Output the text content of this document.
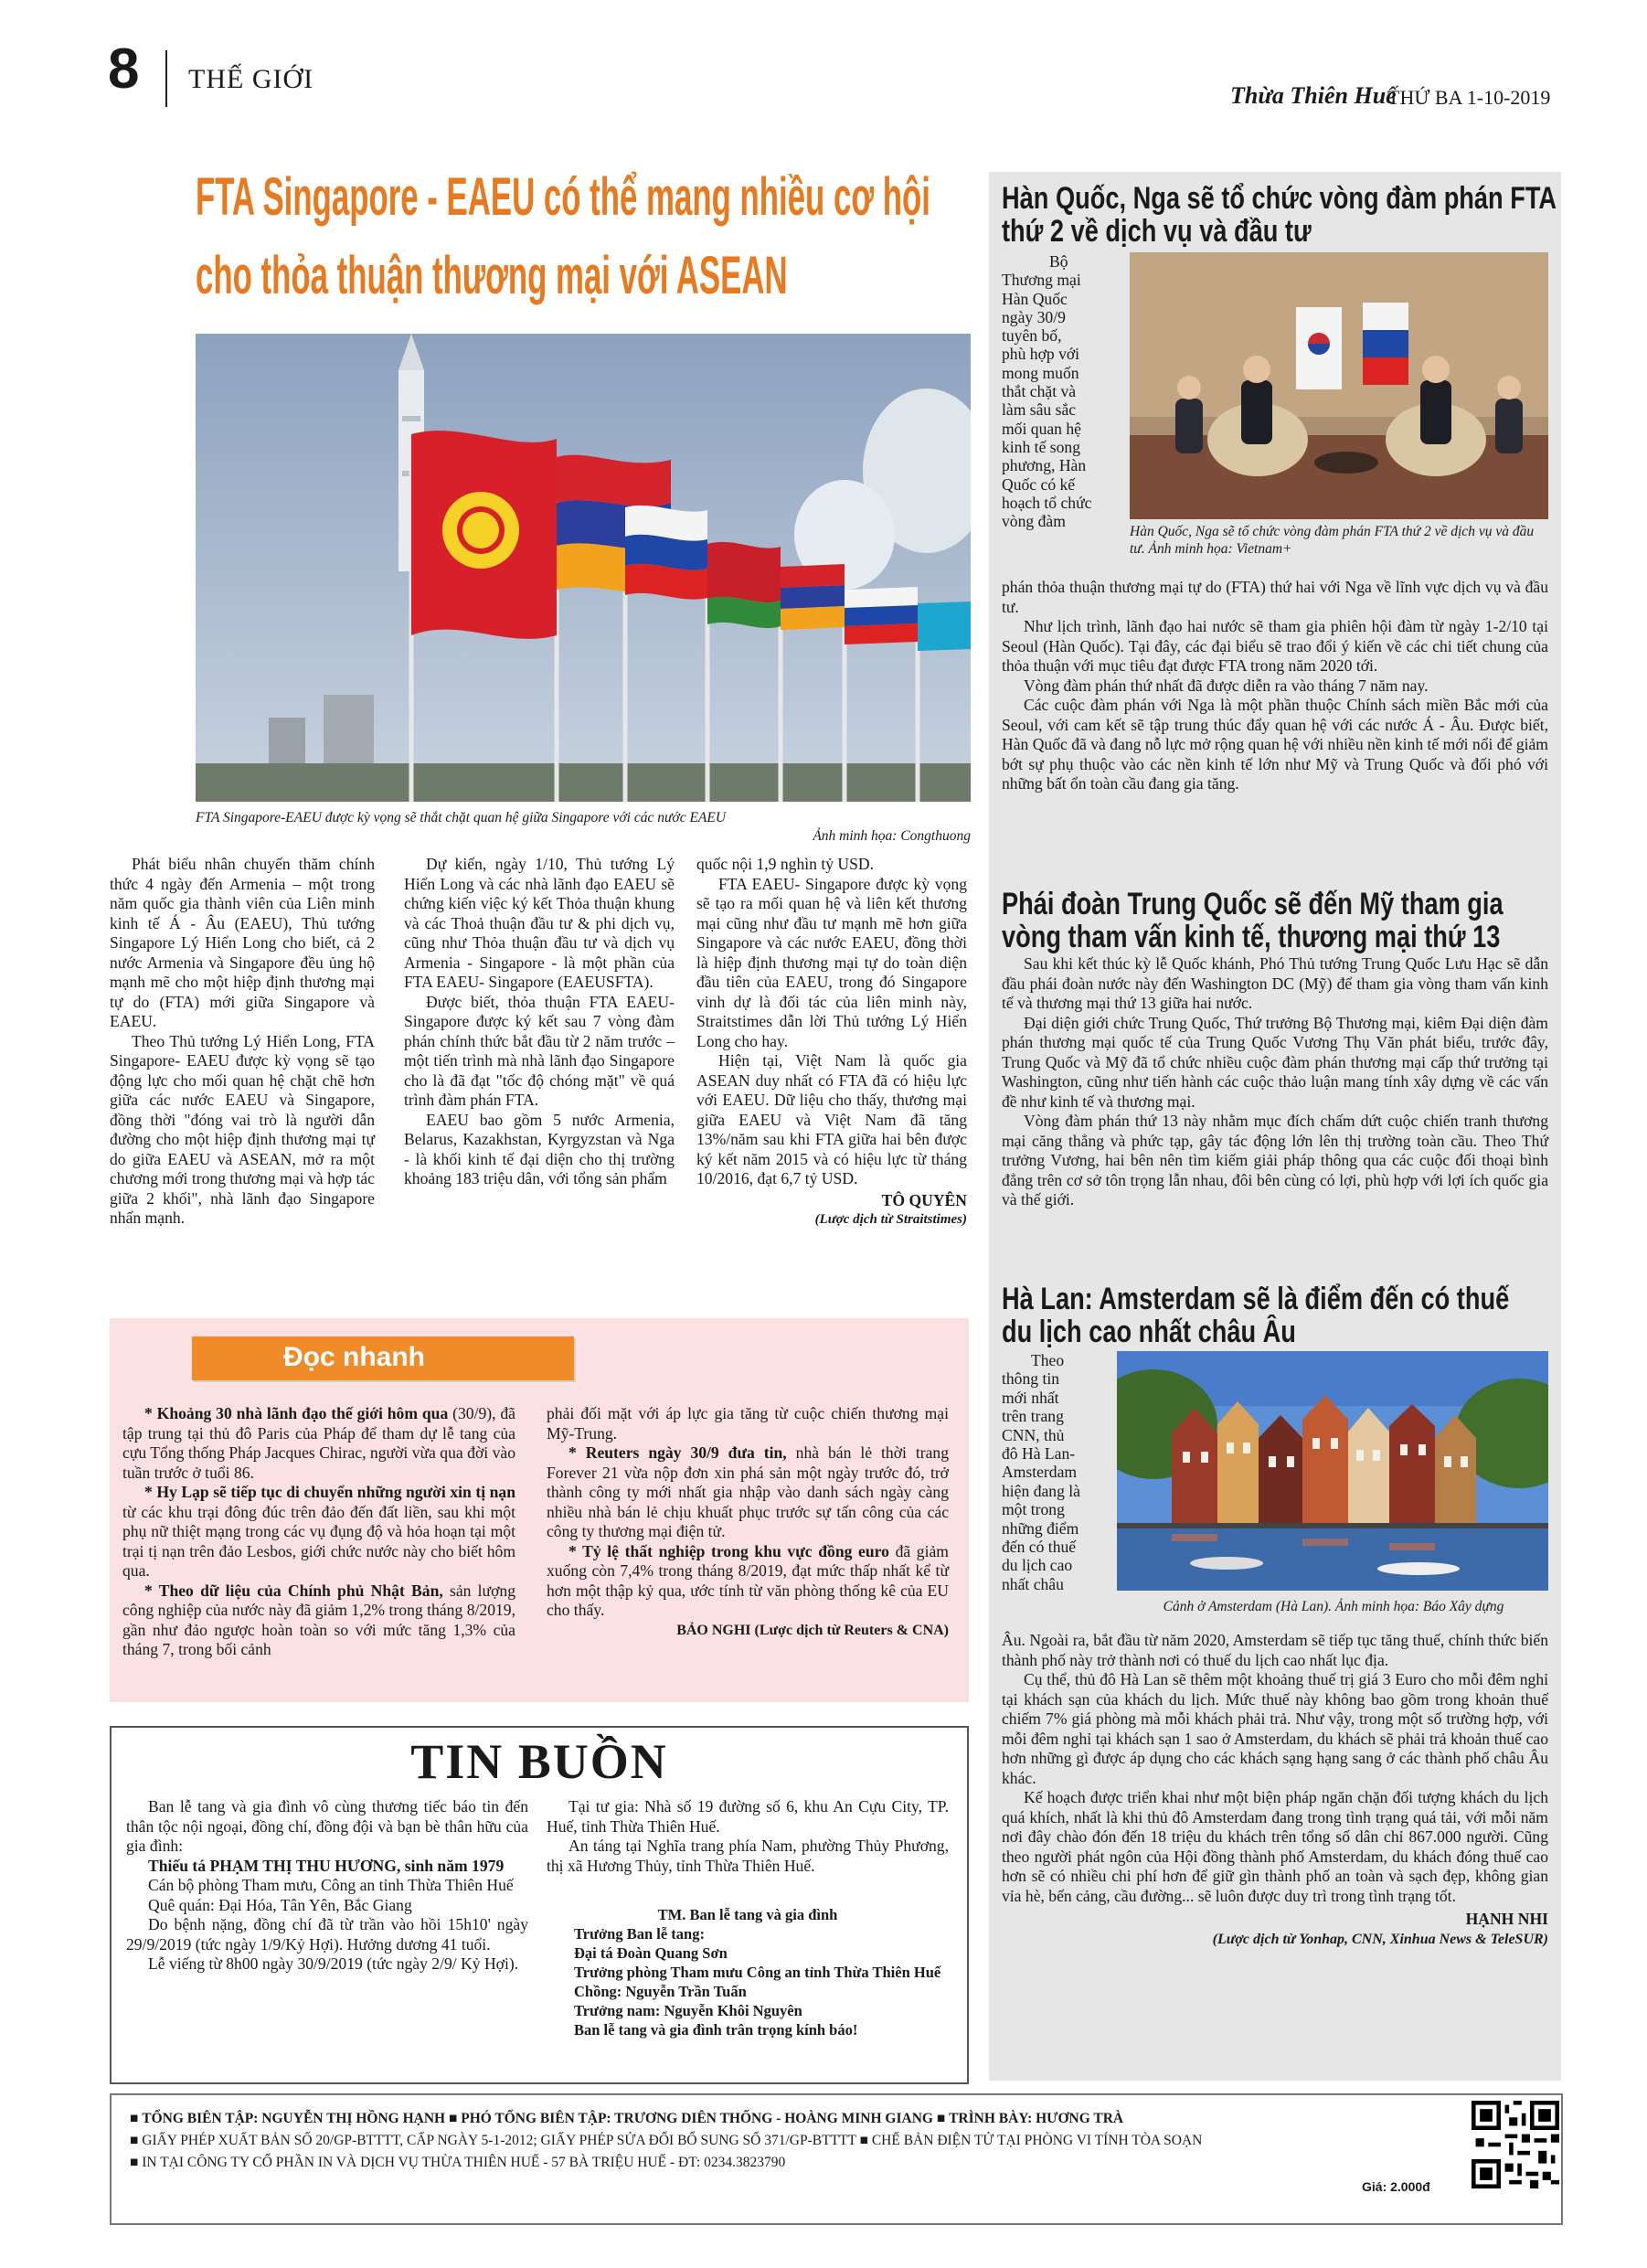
8 THẾ GIỚI
Thừa Thiên Huế
THỨ BA 1-10-2019
FTA Singapore - EAEU có thể mang nhiều cơ hội
cho thỏa thuận thương mại với ASEAN
FTA Singapore-EAEU được kỳ vọng sẽ thắt chặt quan hệ giữa Singapore với các nước EAEU
Ảnh minh họa: Congthuong

Phát biểu nhân chuyến thăm chính thức 4 ngày đến Armenia – một trong năm quốc gia thành viên của Liên minh kinh tế Á - Âu (EAEU), Thủ tướng Singapore Lý Hiển Long cho biết, cả 2 nước Armenia và Singapore đều ủng hộ mạnh mẽ cho một hiệp định thương mại tự do (FTA) mới giữa Singapore và EAEU.

Theo Thủ tướng Lý Hiển Long, FTA Singapore- EAEU được kỳ vọng sẽ tạo động lực cho mối quan hệ chặt chẽ hơn giữa các nước EAEU và Singapore, đồng thời "đóng vai trò là người dẫn đường cho một hiệp định thương mại tự do giữa EAEU và ASEAN, mở ra một chương mới trong thương mại và hợp tác giữa 2 khối", nhà lãnh đạo Singapore nhấn mạnh.

Dự kiến, ngày 1/10, Thủ tướng Lý Hiển Long và các nhà lãnh đạo EAEU sẽ chứng kiến việc ký kết Thỏa thuận khung và các Thoả thuận đầu tư & phi dịch vụ, cũng như Thỏa thuận đầu tư và dịch vụ Armenia - Singapore - là một phần của FTA EAEU- Singapore (EAEUSFTA).

Được biết, thỏa thuận FTA EAEU-Singapore được ký kết sau 7 vòng đàm phán chính thức bắt đầu từ 2 năm trước – một tiến trình mà nhà lãnh đạo Singapore cho là đã đạt "tốc độ chóng mặt" về quá trình đàm phán FTA.

EAEU bao gồm 5 nước Armenia, Belarus, Kazakhstan, Kyrgyzstan và Nga - là khối kinh tế đại diện cho thị trường khoảng 183 triệu dân, với tổng sản phẩm

quốc nội 1,9 nghìn tỷ USD.

FTA EAEU- Singapore được kỳ vọng sẽ tạo ra mối quan hệ và liên kết thương mại cũng như đầu tư mạnh mẽ hơn giữa Singapore và các nước EAEU, đồng thời là hiệp định thương mại tự do toàn diện đầu tiên của EAEU, trong đó Singapore vinh dự là đối tác của liên minh này, Straitstimes dẫn lời Thủ tướng Lý Hiển Long cho hay.

Hiện tại, Việt Nam là quốc gia ASEAN duy nhất có FTA đã có hiệu lực với EAEU. Dữ liệu cho thấy, thương mại giữa EAEU và Việt Nam đã tăng 13%/năm sau khi FTA giữa hai bên được ký kết năm 2015 và có hiệu lực từ tháng 10/2016, đạt 6,7 tỷ USD.

TÔ QUYÊN
(Lược dịch từ Straitstimes)
Đọc nhanh

* Khoảng 30 nhà lãnh đạo thế giới hôm qua (30/9), đã tập trung tại thủ đô Paris của Pháp để tham dự lễ tang của cựu Tổng thống Pháp Jacques Chirac, người vừa qua đời vào tuần trước ở tuổi 86.

* Hy Lạp sẽ tiếp tục di chuyển những người xin tị nạn từ các khu trại đông đúc trên đảo đến đất liền, sau khi một phụ nữ thiệt mạng trong các vụ đụng độ và hỏa hoạn tại một trại tị nạn trên đảo Lesbos, giới chức nước này cho biết hôm qua.

* Theo dữ liệu của Chính phủ Nhật Bản, sản lượng công nghiệp của nước này đã giảm 1,2% trong tháng 8/2019, gần như đảo ngược hoàn toàn so với mức tăng 1,3% của tháng 7, trong bối cảnh

phải đối mặt với áp lực gia tăng từ cuộc chiến thương mại Mỹ-Trung.

* Reuters ngày 30/9 đưa tin, nhà bán lẻ thời trang Forever 21 vừa nộp đơn xin phá sản một ngày trước đó, trở thành công ty mới nhất gia nhập vào danh sách ngày càng nhiều nhà bán lẻ chịu khuất phục trước sự tấn công của các công ty thương mại điện tử.

* Tỷ lệ thất nghiệp trong khu vực đồng euro đã giảm xuống còn 7,4% trong tháng 8/2019, đạt mức thấp nhất kể từ hơn một thập kỷ qua, ước tính từ văn phòng thống kê của EU cho thấy.

BẢO NGHI (Lược dịch từ Reuters & CNA)
TIN BUỒN

Ban lễ tang và gia đình vô cùng thương tiếc báo tin đến thân tộc nội ngoại, đồng chí, đồng đội và bạn bè thân hữu của gia đình:

Thiếu tá PHẠM THỊ THU HƯƠNG, sinh năm 1979

Cán bộ phòng Tham mưu, Công an tỉnh Thừa Thiên Huế

Quê quán: Đại Hóa, Tân Yên, Bắc Giang

Do bệnh nặng, đồng chí đã từ trần vào hồi 15h10' ngày 29/9/2019 (tức ngày 1/9/Kỷ Hợi). Hưởng dương 41 tuổi.

Lễ viếng từ 8h00 ngày 30/9/2019 (tức ngày 2/9/ Kỷ Hợi).

Tại tư gia: Nhà số 19 đường số 6, khu An Cựu City, TP. Huế, tỉnh Thừa Thiên Huế.

An táng tại Nghĩa trang phía Nam, phường Thủy Phương, thị xã Hương Thủy, tỉnh Thừa Thiên Huế.

TM. Ban lễ tang và gia đình
Trưởng Ban lễ tang:
Đại tá Đoàn Quang Sơn
Trưởng phòng Tham mưu Công an tỉnh Thừa Thiên Huế
Chồng: Nguyễn Trần Tuấn
Trưởng nam: Nguyễn Khôi Nguyên
Ban lễ tang và gia đình trân trọng kính báo!
Hàn Quốc, Nga sẽ tổ chức vòng đàm phán FTA
thứ 2 về dịch vụ và đầu tư
Bộ
Thương mại
Hàn Quốc
ngày 30/9
tuyên bố,
phù hợp với
mong muốn
thắt chặt và
làm sâu sắc
mối quan hệ
kinh tế song
phương, Hàn
Quốc có kế
hoạch tổ chức
vòng đàm
Hàn Quốc, Nga sẽ tổ chức vòng đàm phán FTA thứ 2 về dịch vụ và đầu tư. Ảnh minh họa: Vietnam+

phán thỏa thuận thương mại tự do (FTA) thứ hai với Nga về lĩnh vực dịch vụ và đầu tư.

Như lịch trình, lãnh đạo hai nước sẽ tham gia phiên hội đàm từ ngày 1-2/10 tại Seoul (Hàn Quốc). Tại đây, các đại biểu sẽ trao đổi ý kiến về các chi tiết chung của thỏa thuận với mục tiêu đạt được FTA trong năm 2020 tới.

Vòng đàm phán thứ nhất đã được diễn ra vào tháng 7 năm nay.

Các cuộc đàm phán với Nga là một phần thuộc Chính sách miền Bắc mới của Seoul, với cam kết sẽ tập trung thúc đẩy quan hệ với các nước Á - Âu. Được biết, Hàn Quốc đã và đang nỗ lực mở rộng quan hệ với nhiều nền kinh tế mới nổi để giảm bớt sự phụ thuộc vào các nền kinh tế lớn như Mỹ và Trung Quốc và đối phó với những bất ổn toàn cầu đang gia tăng.

Phái đoàn Trung Quốc sẽ đến Mỹ tham gia
vòng tham vấn kinh tế, thương mại thứ 13

Sau khi kết thúc kỳ lễ Quốc khánh, Phó Thủ tướng Trung Quốc Lưu Hạc sẽ dẫn đầu phái đoàn nước này đến Washington DC (Mỹ) để tham gia vòng tham vấn kinh tế và thương mại thứ 13 giữa hai nước.

Đại diện giới chức Trung Quốc, Thứ trưởng Bộ Thương mại, kiêm Đại diện đàm phán thương mại quốc tế của Trung Quốc Vương Thụ Văn phát biểu, trước đây, Trung Quốc và Mỹ đã tổ chức nhiều cuộc đàm phán thương mại cấp thứ trưởng tại Washington, cũng như tiến hành các cuộc thảo luận mang tính xây dựng về các vấn đề như kinh tế và thương mại.

Vòng đàm phán thứ 13 này nhằm mục đích chấm dứt cuộc chiến tranh thương mại căng thẳng và phức tạp, gây tác động lớn lên thị trường toàn cầu. Theo Thứ trưởng Vương, hai bên nên tìm kiếm giải pháp thông qua các cuộc đối thoại bình đẳng trên cơ sở tôn trọng lẫn nhau, đôi bên cùng có lợi, phù hợp với lợi ích quốc gia và thế giới.

Hà Lan: Amsterdam sẽ là điểm đến có thuế
du lịch cao nhất châu Âu
Theo
thông tin
mới nhất
trên trang
CNN, thủ
đô Hà Lan-
Amsterdam
hiện đang là
một trong
những điểm
đến có thuế
du lịch cao
nhất châu
Cảnh ở Amsterdam (Hà Lan). Ảnh minh họa: Báo Xây dựng

Âu. Ngoài ra, bắt đầu từ năm 2020, Amsterdam sẽ tiếp tục tăng thuế, chính thức biến thành phố này trở thành nơi có thuế du lịch cao nhất lục địa.

Cụ thể, thủ đô Hà Lan sẽ thêm một khoảng thuế trị giá 3 Euro cho mỗi đêm nghỉ tại khách sạn của khách du lịch. Mức thuế này không bao gồm trong khoản thuế chiếm 7% giá phòng mà mỗi khách phải trả. Như vậy, trong một số trường hợp, với mỗi đêm nghỉ tại khách sạn 1 sao ở Amsterdam, du khách sẽ phải trả khoản thuế cao hơn những gì được áp dụng cho các khách sạng hạng sang ở các thành phố châu Âu khác.

Kế hoạch được triển khai như một biện pháp ngăn chặn đối tượng khách du lịch quá khích, nhất là khi thủ đô Amsterdam đang trong tình trạng quá tải, với mỗi năm nơi đây chào đón đến 18 triệu du khách trên tổng số dân chỉ 867.000 người. Cũng theo người phát ngôn của Hội đồng thành phố Amsterdam, du khách đóng thuế cao hơn sẽ có nhiều chi phí hơn để giữ gìn thành phố an toàn và sạch đẹp, không gian vỉa hè, bến cảng, cầu đường... sẽ luôn được duy trì trong tình trạng tốt.

HẠNH NHI
(Lược dịch từ Yonhap, CNN, Xinhua News & TeleSUR)
■ TỔNG BIÊN TẬP: NGUYỄN THỊ HỒNG HẠNH ■ PHÓ TỔNG BIÊN TẬP: TRƯƠNG DIÊN THỐNG - HOÀNG MINH GIANG ■ TRÌNH BÀY: HƯƠNG TRÀ
■ GIẤY PHÉP XUẤT BẢN SỐ 20/GP-BTTTT, CẤP NGÀY 5-1-2012; GIẤY PHÉP SỬA ĐỔI BỔ SUNG SỐ 371/GP-BTTTT ■ CHẾ BẢN ĐIỆN TỬ TẠI PHÒNG VI TÍNH TÒA SOẠN
■ IN TẠI CÔNG TY CỔ PHẦN IN VÀ DỊCH VỤ THỪA THIÊN HUẾ - 57 BÀ TRIỆU HUẾ - ĐT: 0234.3823790
Giá: 2.000đ
